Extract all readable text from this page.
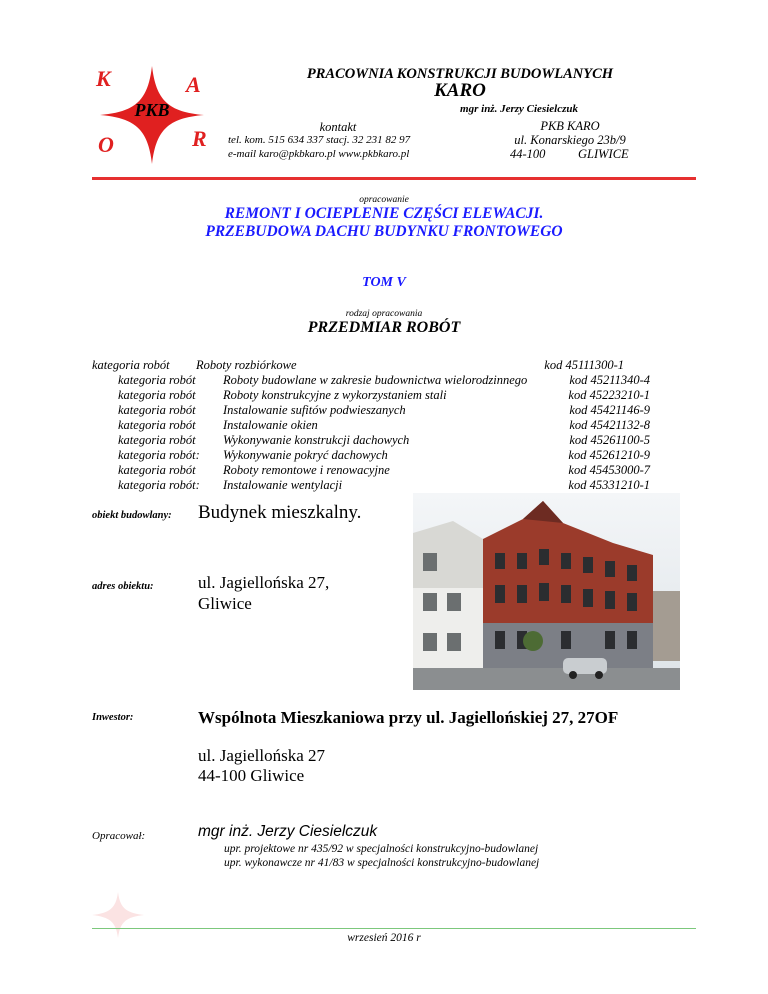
K	A
O	R
PKB
PRACOWNIA KONSTRUKCJI BUDOWLANYCH
KARO
mgr inż. Jerzy Ciesielczuk
kontakt
tel. kom. 515 634 337 stacj. 32 231 82 97
e-mail karo@pkbkaro.pl www.pkbkaro.pl
PKB KARO
ul. Konarskiego 23b/9
44-100	GLIWICE
opracowanie
REMONT I OCIEPLENIE CZĘŚCI ELEWACJI.
PRZEBUDOWA DACHU BUDYNKU FRONTOWEGO
TOM V
rodzaj opracowania
PRZEDMIAR ROBÓT
kategoria robót Roboty rozbiórkowe	kod 45111300-1
kategoria robót Roboty budowlane w zakresie budownictwa wielorodzinnego	kod 45211340-4
kategoria robót Roboty konstrukcyjne z wykorzystaniem stali	kod 45223210-1
kategoria robót Instalowanie sufitów podwieszanych	kod 45421146-9
kategoria robót Instalowanie okien	kod 45421132-8
kategoria robót Wykonywanie konstrukcji dachowych	kod 45261100-5
kategoria robót: Wykonywanie pokryć dachowych	kod 45261210-9
kategoria robót Roboty remontowe i renowacyjne	kod 45453000-7
kategoria robót: Instalowanie wentylacji	kod 45331210-1
obiekt budowlany: Budynek mieszkalny.
adres obiektu:	ul. Jagiellońska 27,
Gliwice
Inwestor:	Wspólnota Mieszkaniowa przy ul. Jagiellońskiej 27, 27OF
ul. Jagiellońska 27
44-100 Gliwice
Opracował:	mgr inż. Jerzy Ciesielczuk
upr. projektowe nr 435/92 w specjalności konstrukcyjno-budowlanej
upr. wykonawcze nr 41/83 w specjalności konstrukcyjno-budowlanej
wrzesień 2016 r
